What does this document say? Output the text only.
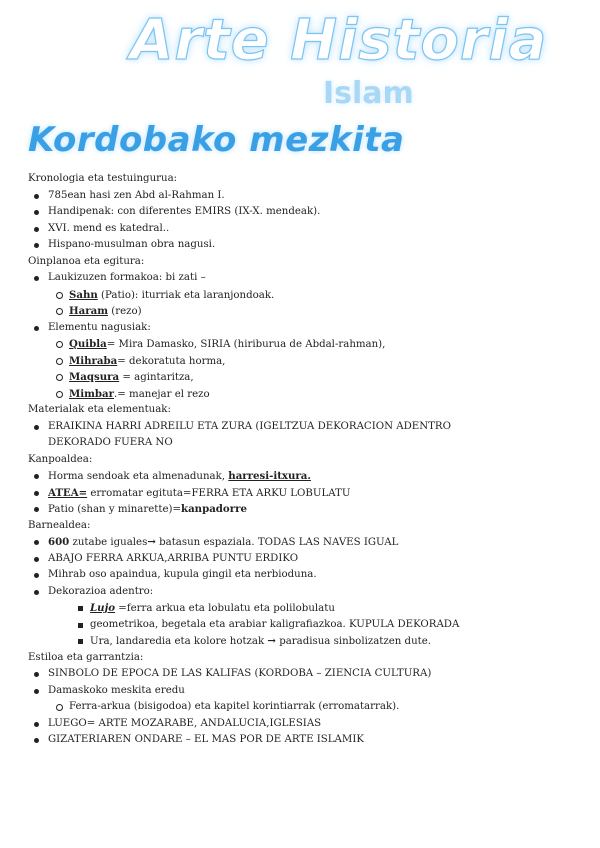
Arte Historia
Islam
Kordobako mezkita
Kronologia eta testuingurua:
785ean hasi zen Abd al-Rahman I.
Handipenak: con diferentes EMIRS (IX-X. mendeak).
XVI. mend es katedral..
Hispano-musulman obra nagusi.
Oinplanoa eta egitura:
Laukizuzen formakoa: bi zati –
Sahn (Patio): iturriak eta laranjondoak.
Haram (rezo)
Elementu nagusiak:
Quibla= Mira Damasko, SIRIA (hiriburua de Abdal-rahman),
Mihraba= dekoratuta horma,
Maqsura = agintaritza,
Mimbar.= manejar el rezo
Materialak eta elementuak:
ERAIKINA HARRI ADREILU ETA ZURA (IGELTZUA DEKORACION ADENTRO
DEKORADO FUERA NO
Kanpoaldea:
Horma sendoak eta almenadunak, harresi-itxura.
ATEA= erromatar egituta=FERRA ETA ARKU LOBULATU
Patio (shan y minarette)=kanpadorre
Barnealdea:
600 zutabe iguales→ batasun espaziala. TODAS LAS NAVES IGUAL
ABAJO FERRA ARKUA,ARRIBA PUNTU ERDIKO
Mihrab oso apaindua, kupula gingil eta nerbioduna.
Dekorazioa adentro:
Lujo =ferra arkua eta lobulatu eta polilobulatu
geometrikoa, begetala eta arabiar kaligrafiazkoa. KUPULA DEKORADA
Ura, landaredia eta kolore hotzak → paradisua sinbolizatzen dute.
Estiloa eta garrantzia:
SINBOLO DE EPOCA DE LAS KALIFAS (KORDOBA – ZIENCIA CULTURA)
Damaskoko meskita eredu
Ferra-arkua (bisigodoa) eta kapitel korintiarrak (erromatarrak).
LUEGO= ARTE MOZARABE, ANDALUCIA,IGLESIAS
GIZATERIAREN ONDARE – EL MAS POR DE ARTE ISLAMIK
